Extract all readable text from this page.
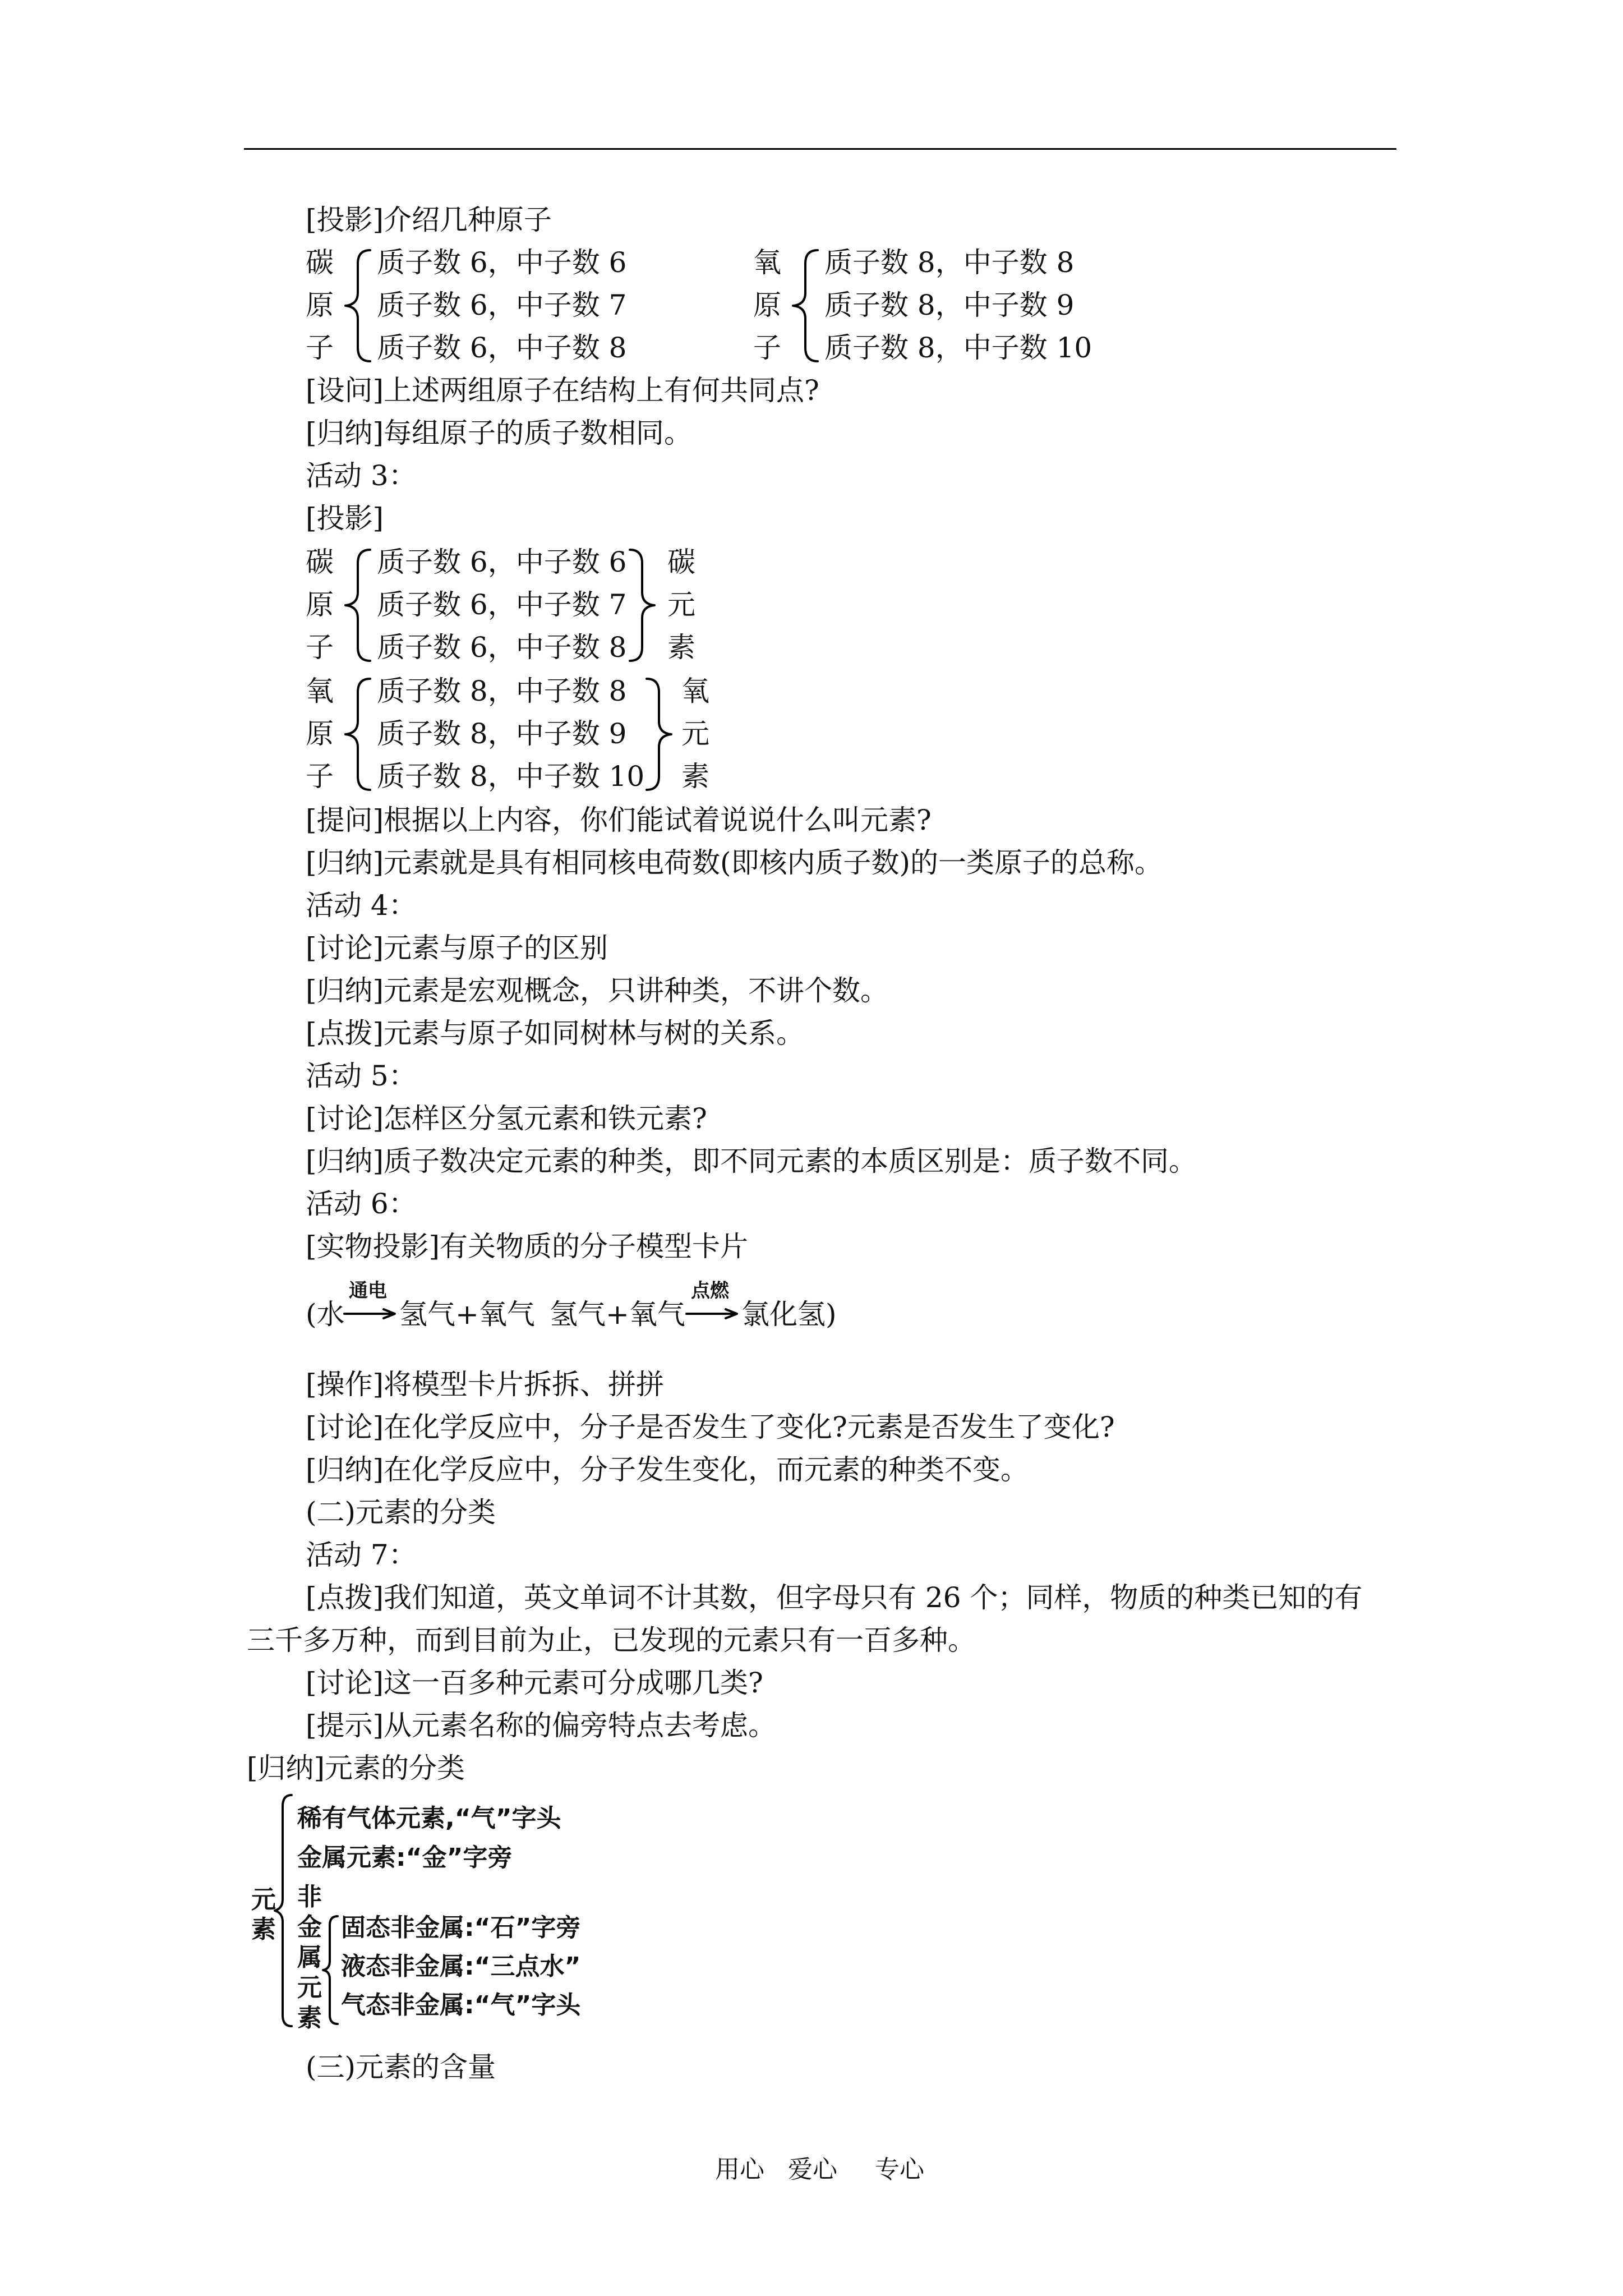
[投影]介绍几种原子
碳
原
子
质子数 6，中子数 6
质子数 6，中子数 7
质子数 6，中子数 8
氧
原
子
质子数 8，中子数 8
质子数 8，中子数 9
质子数 8，中子数 10
[设问]上述两组原子在结构上有何共同点?
[归纳]每组原子的质子数相同。
活动 3：
[投影]
碳
原
子
质子数 6，中子数 6
质子数 6，中子数 7
质子数 6，中子数 8
碳
元
素
氧
原
子
质子数 8，中子数 8
质子数 8，中子数 9
质子数 8，中子数 10
氧
元
素
[提问]根据以上内容，你们能试着说说什么叫元素?
[归纳]元素就是具有相同核电荷数(即核内质子数)的一类原子的总称。
活动 4：
[讨论]元素与原子的区别
[归纳]元素是宏观概念，只讲种类，不讲个数。
[点拨]元素与原子如同树林与树的关系。
活动 5：
[讨论]怎样区分氢元素和铁元素?
[归纳]质子数决定元素的种类，即不同元素的本质区别是：质子数不同。
活动 6：
[实物投影]有关物质的分子模型卡片
(水
通电
氢气+氧气 氢气+氧气
点燃
氯化氢)
[操作]将模型卡片拆拆、拼拼
[讨论]在化学反应中，分子是否发生了变化?元素是否发生了变化?
[归纳]在化学反应中，分子发生变化，而元素的种类不变。
(二)元素的分类
活动 7：
[点拨]我们知道，英文单词不计其数，但字母只有 26 个；同样，物质的种类已知的有
三千多万种，而到目前为止，已发现的元素只有一百多种。
[讨论]这一百多种元素可分成哪几类?
[提示]从元素名称的偏旁特点去考虑。
[归纳]元素的分类
元
素
稀有气体元素,“气”字头
金属元素:“金”字旁
非
金
属
元
素
固态非金属:“石”字旁
液态非金属:“三点水”
气态非金属:“气”字头
(三)元素的含量
用心 爱心 专心
